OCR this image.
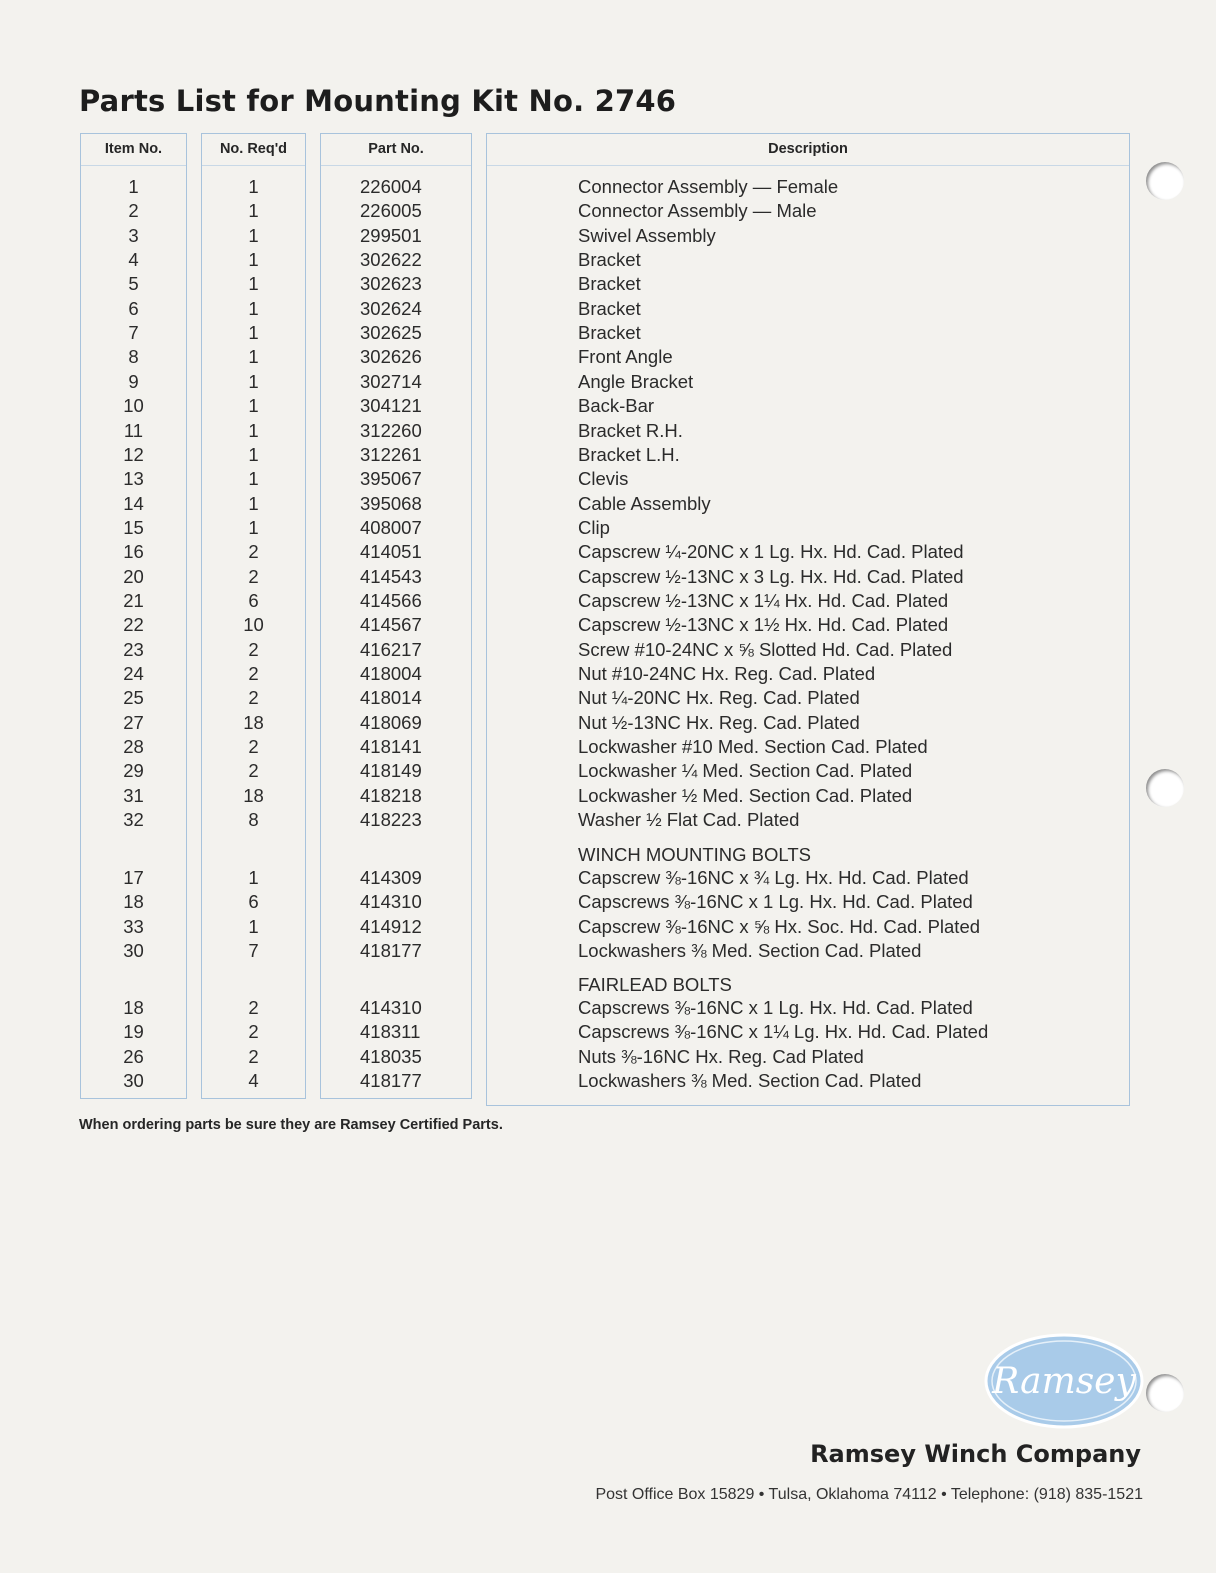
Parts List for Mounting Kit No. 2746
Item No.	No. Req'd	Part No.	Description
1	1	226004	Connector Assembly — Female
2	1	226005	Connector Assembly — Male
3	1	299501	Swivel Assembly
4	1	302622	Bracket
5	1	302623	Bracket
6	1	302624	Bracket
7	1	302625	Bracket
8	1	302626	Front Angle
9	1	302714	Angle Bracket
10	1	304121	Back-Bar
11	1	312260	Bracket R.H.
12	1	312261	Bracket L.H.
13	1	395067	Clevis
14	1	395068	Cable Assembly
15	1	408007	Clip
16	2	414051	Capscrew ¼-20NC x 1 Lg. Hx. Hd. Cad. Plated
20	2	414543	Capscrew ½-13NC x 3 Lg. Hx. Hd. Cad. Plated
21	6	414566	Capscrew ½-13NC x 1¼ Hx. Hd. Cad. Plated
22	10	414567	Capscrew ½-13NC x 1½ Hx. Hd. Cad. Plated
23	2	416217	Screw #10-24NC x ⅝ Slotted Hd. Cad. Plated
24	2	418004	Nut #10-24NC Hx. Reg. Cad. Plated
25	2	418014	Nut ¼-20NC Hx. Reg. Cad. Plated
27	18	418069	Nut ½-13NC Hx. Reg. Cad. Plated
28	2	418141	Lockwasher #10 Med. Section Cad. Plated
29	2	418149	Lockwasher ¼ Med. Section Cad. Plated
31	18	418218	Lockwasher ½ Med. Section Cad. Plated
32	8	418223	Washer ½ Flat Cad. Plated
17	1	414309	Capscrew ⅜-16NC x ¾ Lg. Hx. Hd. Cad. Plated
18	6	414310	Capscrews ⅜-16NC x 1 Lg. Hx. Hd. Cad. Plated
33	1	414912	Capscrew ⅜-16NC x ⅝ Hx. Soc. Hd. Cad. Plated
30	7	418177	Lockwashers ⅜ Med. Section Cad. Plated
18	2	414310	Capscrews ⅜-16NC x 1 Lg. Hx. Hd. Cad. Plated
19	2	418311	Capscrews ⅜-16NC x 1¼ Lg. Hx. Hd. Cad. Plated
26	2	418035	Nuts ⅜-16NC Hx. Reg. Cad Plated
30	4	418177	Lockwashers ⅜ Med. Section Cad. Plated
WINCH MOUNTING BOLTS
FAIRLEAD BOLTS
When ordering parts be sure they are Ramsey Certified Parts.
Ramsey
Ramsey Winch Company
Post Office Box 15829 • Tulsa, Oklahoma 74112 • Telephone: (918) 835-1521
